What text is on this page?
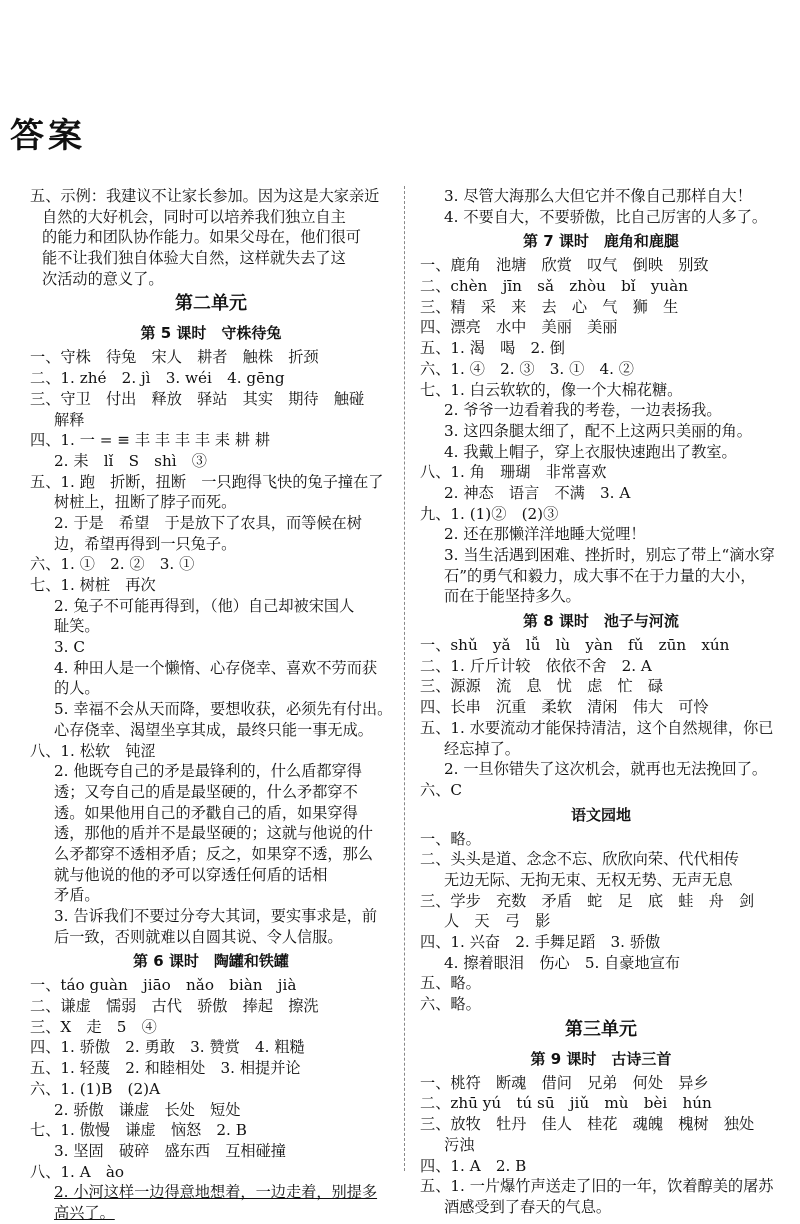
答案
五、示例：我建议不让家长参加。因为这是大家亲近
自然的大好机会，同时可以培养我们独立自主
的能力和团队协作能力。如果父母在，他们很可
能不让我们独自体验大自然，这样就失去了这
次活动的意义了。
第二单元
第 5 课时　守株待兔
一、守株　待兔　宋人　耕者　触株　折颈
二、1. zhé　2. jì　3. wéi　4. gēng
三、守卫　付出　释放　驿站　其实　期待　触碰
解释
四、1. 一 = ≡ 丰 丰 丰 丰 耒 耕 耕
2. 耒　lǐ　S　shì　③
五、1. 跑　折断，扭断　一只跑得飞快的兔子撞在了
树桩上，扭断了脖子而死。
2. 于是　希望　于是放下了农具，而等候在树
边，希望再得到一只兔子。
六、1. ①　2. ②　3. ①
七、1. 树桩　再次
2. 兔子不可能再得到，（他）自己却被宋国人
耻笑。
3. C
4. 种田人是一个懒惰、心存侥幸、喜欢不劳而获
的人。
5. 幸福不会从天而降，要想收获，必须先有付出。
心存侥幸、渴望坐享其成，最终只能一事无成。
八、1. 松软　钝涩
2. 他既夸自己的矛是最锋利的，什么盾都穿得
透；又夸自己的盾是最坚硬的，什么矛都穿不
透。如果他用自己的矛戳自己的盾，如果穿得
透，那他的盾并不是最坚硬的；这就与他说的什
么矛都穿不透相矛盾；反之，如果穿不透，那么
就与他说的他的矛可以穿透任何盾的话相
矛盾。
3. 告诉我们不要过分夸大其词，要实事求是，前
后一致，否则就难以自圆其说、令人信服。
第 6 课时　陶罐和铁罐
一、táo guàn　jiāo　nǎo　biàn　jià
二、谦虚　懦弱　古代　骄傲　捧起　擦洗
三、X　走　5　④
四、1. 骄傲　2. 勇敢　3. 赞赏　4. 粗糙
五、1. 轻蔑　2. 和睦相处　3. 相提并论
六、1. (1)B　(2)A
2. 骄傲　谦虚　长处　短处
七、1. 傲慢　谦虚　恼怒　2. B
3. 坚固　破碎　盛东西　互相碰撞
八、1. A　ào
2. 小河这样一边得意地想着，一边走着，别提多
高兴了。
3. 尽管大海那么大但它并不像自己那样自大！
4. 不要自大，不要骄傲，比自己厉害的人多了。
第 7 课时　鹿角和鹿腿
一、鹿角　池塘　欣赏　叹气　倒映　别致
二、chèn　jīn　sǎ　zhòu　bǐ　yuàn
三、精　采　来　去　心　气　狮　生
四、漂亮　水中　美丽　美丽
五、1. 渴　喝　2. 倒
六、1. ④　2. ③　3. ①　4. ②
七、1. 白云软软的，像一个大棉花糖。
2. 爷爷一边看着我的考卷，一边表扬我。
3. 这四条腿太细了，配不上这两只美丽的角。
4. 我戴上帽子，穿上衣服快速跑出了教室。
八、1. 角　珊瑚　非常喜欢
2. 神态　语言　不满　3. A
九、1. (1)②　(2)③
2. 还在那懒洋洋地睡大觉哩！
3. 当生活遇到困难、挫折时，别忘了带上“滴水穿
石”的勇气和毅力，成大事不在于力量的大小，
而在于能坚持多久。
第 8 课时　池子与河流
一、shǔ　yǎ　lǚ　lù　yàn　fǔ　zūn　xún
二、1. 斤斤计较　依依不舍　2. A
三、源源　流　息　忧　虑　忙　碌
四、长串　沉重　柔软　清闲　伟大　可怜
五、1. 水要流动才能保持清洁，这个自然规律，你已
经忘掉了。
2. 一旦你错失了这次机会，就再也无法挽回了。
六、C
语文园地
一、略。
二、头头是道、念念不忘、欣欣向荣、代代相传
无边无际、无拘无束、无权无势、无声无息
三、学步　充数　矛盾　蛇　足　底　蛙　舟　剑
人　天　弓　影
四、1. 兴奋　2. 手舞足蹈　3. 骄傲
4. 擦着眼泪　伤心　5. 自豪地宣布
五、略。
六、略。
第三单元
第 9 课时　古诗三首
一、桃符　断魂　借问　兄弟　何处　异乡
二、zhū yú　tú sū　jiǔ　mù　bèi　hún
三、放牧　牡丹　佳人　桂花　魂魄　槐树　独处
污浊
四、1. A　2. B
五、1. 一片爆竹声送走了旧的一年，饮着醇美的屠苏
酒感受到了春天的气息。
